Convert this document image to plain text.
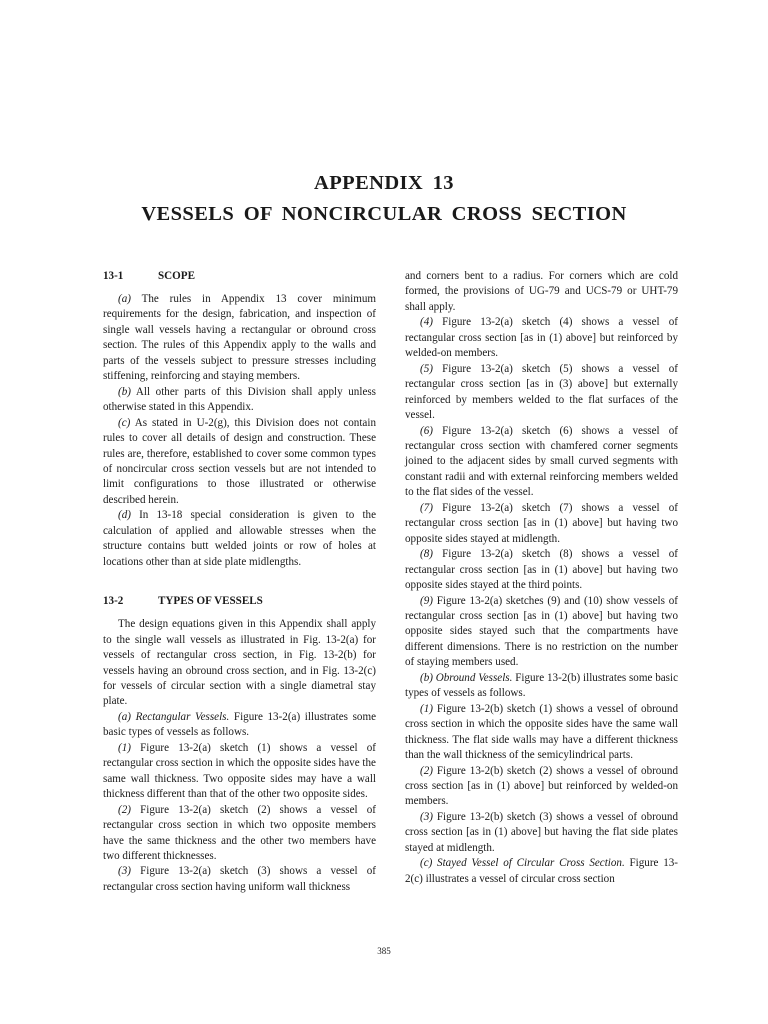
APPENDIX 13
VESSELS OF NONCIRCULAR CROSS SECTION
13-1	SCOPE

(a) The rules in Appendix 13 cover minimum requirements for the design, fabrication, and inspection of single wall vessels having a rectangular or obround cross section. The rules of this Appendix apply to the walls and parts of the vessels subject to pressure stresses including stiffening, reinforcing and staying members.

(b) All other parts of this Division shall apply unless otherwise stated in this Appendix.

(c) As stated in U-2(g), this Division does not contain rules to cover all details of design and construction. These rules are, therefore, established to cover some common types of noncircular cross section vessels but are not intended to limit configurations to those illustrated or otherwise described herein.

(d) In 13-18 special consideration is given to the calculation of applied and allowable stresses when the structure contains butt welded joints or row of holes at locations other than at side plate midlengths.

13-2	TYPES OF VESSELS

The design equations given in this Appendix shall apply to the single wall vessels as illustrated in Fig. 13-2(a) for vessels of rectangular cross section, in Fig. 13-2(b) for vessels having an obround cross section, and in Fig. 13-2(c) for vessels of circular section with a single diametral stay plate.

(a) Rectangular Vessels. Figure 13-2(a) illustrates some basic types of vessels as follows.

(1) Figure 13-2(a) sketch (1) shows a vessel of rectangular cross section in which the opposite sides have the same wall thickness. Two opposite sides may have a wall thickness different than that of the other two opposite sides.

(2) Figure 13-2(a) sketch (2) shows a vessel of rectangular cross section in which two opposite members have the same thickness and the other two members have two different thicknesses.

(3) Figure 13-2(a) sketch (3) shows a vessel of rectangular cross section having uniform wall thickness

and corners bent to a radius. For corners which are cold formed, the provisions of UG-79 and UCS-79 or UHT-79 shall apply.

(4) Figure 13-2(a) sketch (4) shows a vessel of rectangular cross section [as in (1) above] but reinforced by welded-on members.

(5) Figure 13-2(a) sketch (5) shows a vessel of rectangular cross section [as in (3) above] but externally reinforced by members welded to the flat surfaces of the vessel.

(6) Figure 13-2(a) sketch (6) shows a vessel of rectangular cross section with chamfered corner segments joined to the adjacent sides by small curved segments with constant radii and with external reinforcing members welded to the flat sides of the vessel.

(7) Figure 13-2(a) sketch (7) shows a vessel of rectangular cross section [as in (1) above] but having two opposite sides stayed at midlength.

(8) Figure 13-2(a) sketch (8) shows a vessel of rectangular cross section [as in (1) above] but having two opposite sides stayed at the third points.

(9) Figure 13-2(a) sketches (9) and (10) show vessels of rectangular cross section [as in (1) above] but having two opposite sides stayed such that the compartments have different dimensions. There is no restriction on the number of staying members used.

(b) Obround Vessels. Figure 13-2(b) illustrates some basic types of vessels as follows.

(1) Figure 13-2(b) sketch (1) shows a vessel of obround cross section in which the opposite sides have the same wall thickness. The flat side walls may have a different thickness than the wall thickness of the semicylindrical parts.

(2) Figure 13-2(b) sketch (2) shows a vessel of obround cross section [as in (1) above] but reinforced by welded-on members.

(3) Figure 13-2(b) sketch (3) shows a vessel of obround cross section [as in (1) above] but having the flat side plates stayed at midlength.

(c) Stayed Vessel of Circular Cross Section. Figure 13-2(c) illustrates a vessel of circular cross section

385
